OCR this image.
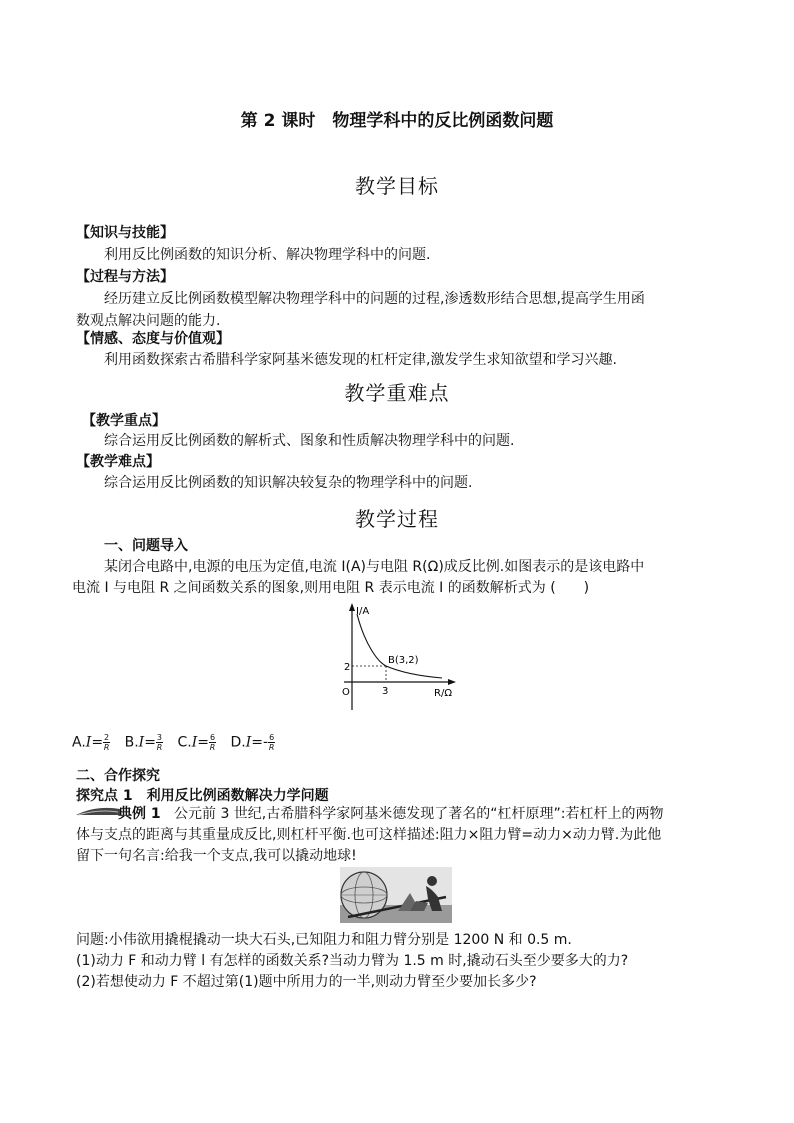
第 2 课时　物理学科中的反比例函数问题
教学目标
【知识与技能】
利用反比例函数的知识分析、解决物理学科中的问题.
【过程与方法】
经历建立反比例函数模型解决物理学科中的问题的过程,渗透数形结合思想,提高学生用函
数观点解决问题的能力.
【情感、态度与价值观】
利用函数探索古希腊科学家阿基米德发现的杠杆定律,激发学生求知欲望和学习兴趣.
教学重难点
【教学重点】
综合运用反比例函数的解析式、图象和性质解决物理学科中的问题.
【教学难点】
综合运用反比例函数的知识解决较复杂的物理学科中的问题.
教学过程
一、问题导入
某闭合电路中,电源的电压为定值,电流 I(A)与电阻 R(Ω)成反比例.如图表示的是该电路中
电流 I 与电阻 R 之间函数关系的图象,则用电阻 R 表示电流 I 的函数解析式为 (　　)
I/A
R/Ω
O
2
3
B(3,2)
$A.I= \frac{2}{R} B.I= \frac{3}{R} C.I= \frac{6}{R} D.I=- \frac{6}{R}$
二、合作探究
探究点 1　利用反比例函数解决力学问题
典例 1 公元前 3 世纪,古希腊科学家阿基米德发现了著名的“杠杆原理”:若杠杆上的两物
体与支点的距离与其重量成反比,则杠杆平衡.也可这样描述:阻力×阻力臂=动力×动力臂.为此他
留下一句名言:给我一个支点,我可以撬动地球!
问题:小伟欲用撬棍撬动一块大石头,已知阻力和阻力臂分别是 1200 N 和 0.5 m.
(1)动力 F 和动力臂 l 有怎样的函数关系?当动力臂为 1.5 m 时,撬动石头至少要多大的力?
(2)若想使动力 F 不超过第(1)题中所用力的一半,则动力臂至少要加长多少?
